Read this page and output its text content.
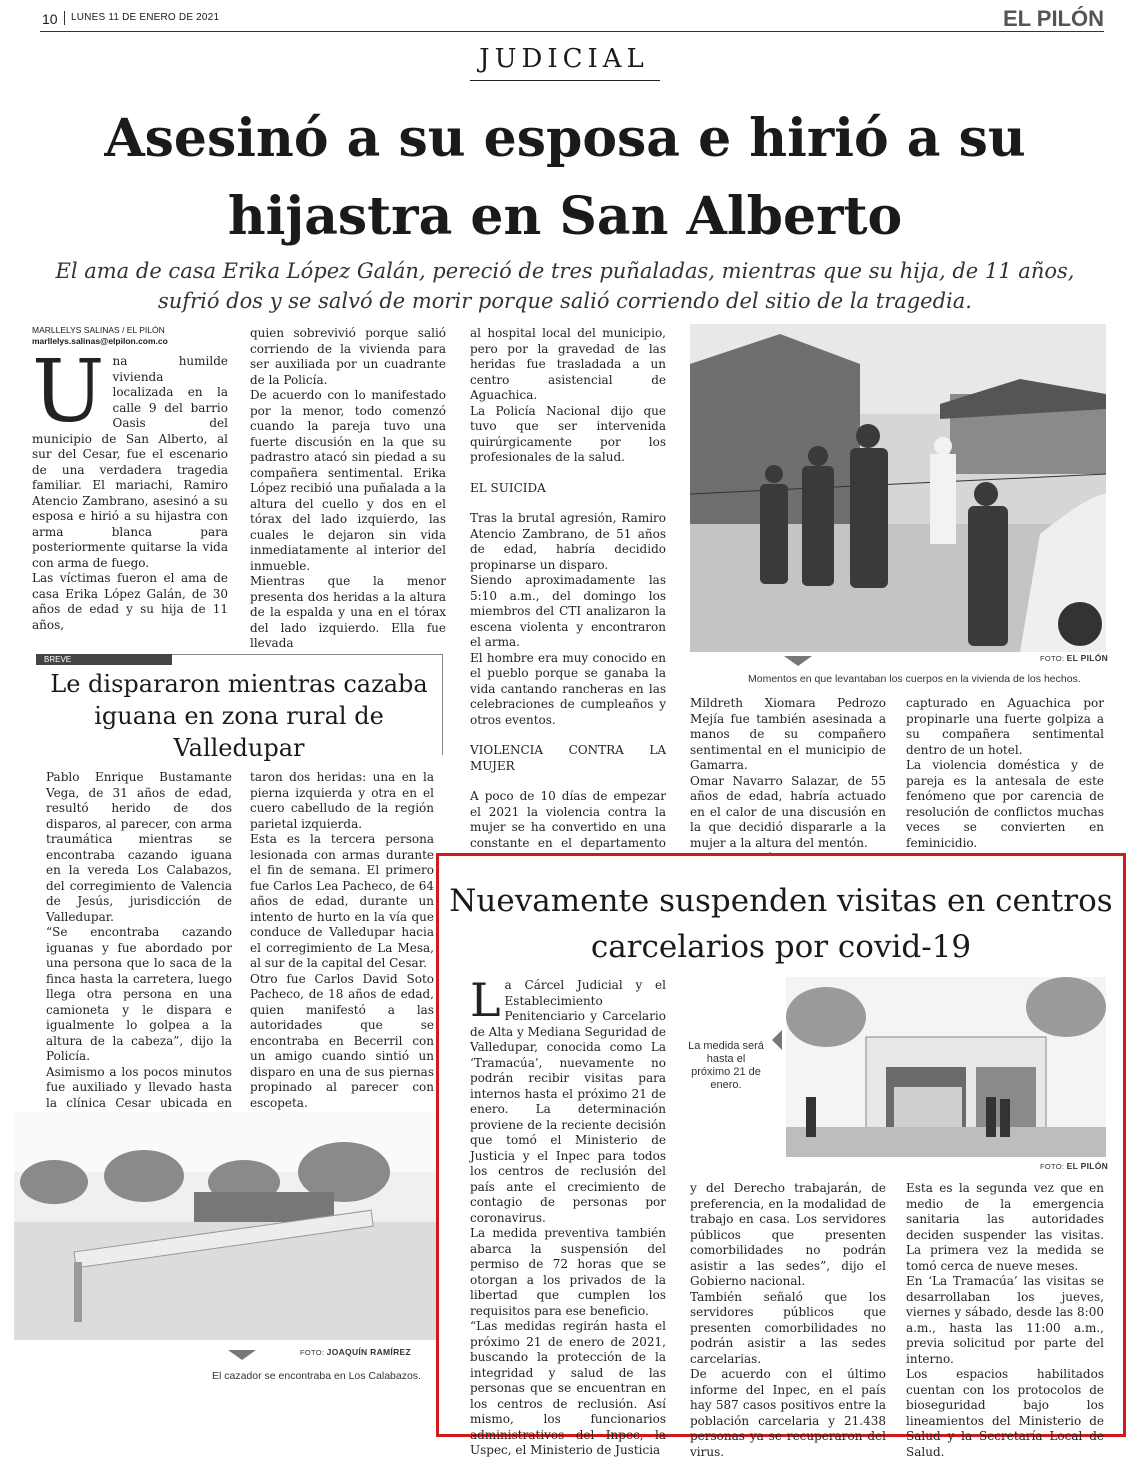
10	LUNES 11 DE ENERO DE 2021	EL PILÓN
JUDICIAL
Asesinó a su esposa e hirió a su hijastra en San Alberto
El ama de casa Erika López Galán, pereció de tres puñaladas, mientras que su hija, de 11 años, sufrió dos y se salvó de morir porque salió corriendo del sitio de la tragedia.
MARLLELYS SALINAS / EL PILÓN
marllelys.salinas@elpilon.com.co
U na humilde vivienda localizada en la calle 9 del barrio Oasis del municipio de San Alberto, al sur del Cesar, fue el escenario de una verdadera tragedia familiar. El mariachi, Ramiro Atencio Zambrano, asesinó a su esposa e hirió a su hijastra con arma blanca para posteriormente quitarse la vida con arma de fuego.

Las víctimas fueron el ama de casa Erika López Galán, de 30 años de edad y su hija de 11 años,

quien sobrevivió porque salió corriendo de la vivienda para ser auxiliada por un cuadrante de la Policía.

De acuerdo con lo manifestado por la menor, todo comenzó cuando la pareja tuvo una fuerte discusión en la que su padrastro atacó sin piedad a su compañera sentimental. Erika López recibió una puñalada a la altura del cuello y dos en el tórax del lado izquierdo, las cuales le dejaron sin vida inmediatamente al interior del inmueble.

Mientras que la menor presenta dos heridas a la altura de la espalda y una en el tórax del lado izquierdo. Ella fue llevada

al hospital local del municipio, pero por la gravedad de las heridas fue trasladada a un centro asistencial de Aguachica.

La Policía Nacional dijo que tuvo que ser intervenida quirúrgicamente por los profesionales de la salud.

EL SUICIDA

Tras la brutal agresión, Ramiro Atencio Zambrano, de 51 años de edad, habría decidido propinarse un disparo.

Siendo aproximadamente las 5:10 a.m., del domingo los miembros del CTI analizaron la escena violenta y encontraron el arma.

El hombre era muy conocido en el pueblo porque se ganaba la vida cantando rancheras en las celebraciones de cumpleaños y otros eventos.

VIOLENCIA CONTRA LA MUJER

A poco de 10 días de empezar el 2021 la violencia contra la mujer se ha convertido en una constante en el departamento

FOTO: EL PILÓN
Momentos en que levantaban los cuerpos en la vivienda de los hechos.

Mildreth Xiomara Pedrozo Mejía fue también asesinada a manos de su compañero sentimental en el municipio de Gamarra.

Omar Navarro Salazar, de 55 años de edad, habría actuado en el calor de una discusión en la que decidió dispararle a la mujer a la altura del mentón.

capturado en Aguachica por propinarle una fuerte golpiza a su compañera sentimental dentro de un hotel.

La violencia doméstica y de pareja es la antesala de este fenómeno que por carencia de resolución de conflictos muchas veces se convierten en feminicidio.

BREVE
Le dispararon mientras cazaba iguana en zona rural de Valledupar

Pablo Enrique Bustamante Vega, de 31 años de edad, resultó herido de dos disparos, al parecer, con arma traumática mientras se encontraba cazando iguana en la vereda Los Calabazos, del corregimiento de Valencia de Jesús, jurisdicción de Valledupar.

“Se encontraba cazando iguanas y fue abordado por una persona que lo saca de la finca hasta la carretera, luego llega otra persona en una camioneta y le dispara e igualmente lo golpea a la altura de la cabeza”, dijo la Policía.

Asimismo a los pocos minutos fue auxiliado y llevado hasta la clínica Cesar ubicada en

taron dos heridas: una en la pierna izquierda y otra en el cuero cabelludo de la región parietal izquierda.

Esta es la tercera persona lesionada con armas durante el fin de semana. El primero fue Carlos Lea Pacheco, de 64 años de edad, durante un intento de hurto en la vía que conduce de Valledupar hacia el corregimiento de La Mesa, al sur de la capital del Cesar.

Otro fue Carlos David Soto Pacheco, de 18 años de edad, quien manifestó a las autoridades que se encontraba en Becerril con un amigo cuando sintió un disparo en una de sus piernas propinado al parecer con escopeta.

FOTO: JOAQUÍN RAMÍREZ
El cazador se encontraba en Los Calabazos.
Nuevamente suspenden visitas en centros carcelarios por covid-19
L a Cárcel Judicial y el Establecimiento Penitenciario y Carcelario de Alta y Mediana Seguridad de Valledupar, conocida como La ‘Tramacúa’, nuevamente no podrán recibir visitas para internos hasta el próximo 21 de enero. La determinación proviene de la reciente decisión que tomó el Ministerio de Justicia y el Inpec para todos los centros de reclusión del país ante el crecimiento de contagio de personas por coronavirus.

La medida preventiva también abarca la suspensión del permiso de 72 horas que se otorgan a los privados de la libertad que cumplen los requisitos para ese beneficio.

“Las medidas regirán hasta el próximo 21 de enero de 2021, buscando la protección de la integridad y salud de las personas que se encuentran en los centros de reclusión. Así mismo, los funcionarios administrativos del Inpec, la Uspec, el Ministerio de Justicia

La medida será hasta el próximo 21 de enero.
FOTO: EL PILÓN

y del Derecho trabajarán, de preferencia, en la modalidad de trabajo en casa. Los servidores públicos que presenten comorbilidades no podrán asistir a las sedes”, dijo el Gobierno nacional.

También señaló que los servidores públicos que presenten comorbilidades no podrán asistir a las sedes carcelarias.

De acuerdo con el último informe del Inpec, en el país hay 587 casos positivos entre la población carcelaria y 21.438 personas ya se recuperaron del virus.

Esta es la segunda vez que en medio de la emergencia sanitaria las autoridades deciden suspender las visitas. La primera vez la medida se tomó cerca de nueve meses.

En ‘La Tramacúa’ las visitas se desarrollaban los jueves, viernes y sábado, desde las 8:00 a.m., hasta las 11:00 a.m., previa solicitud por parte del interno.

Los espacios habilitados cuentan con los protocolos de bioseguridad bajo los lineamientos del Ministerio de Salud y la Secretaría Local de Salud.
